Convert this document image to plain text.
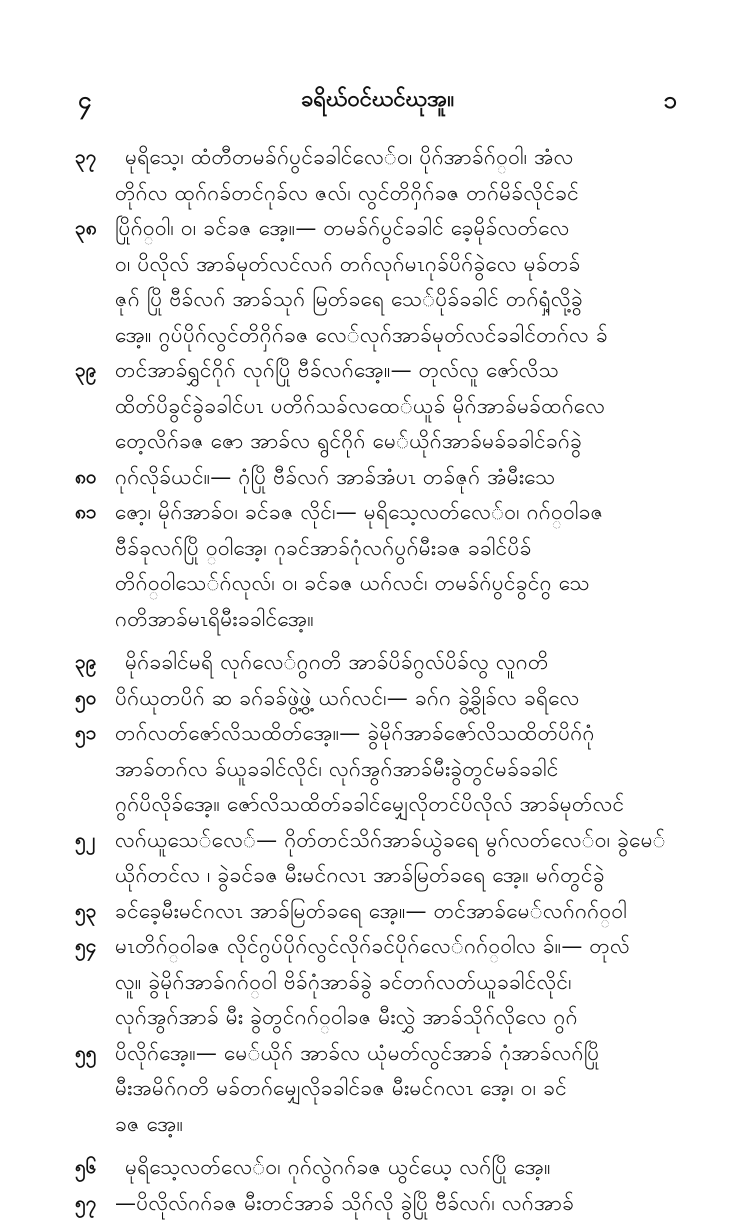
၄	ခရိဃ်ဝင်ဃင်ဃုအူ။	၁
၃၇	မုရိသေ့၊ ထံတီတမခ်ဂ်ပွင်ခခါင်လေ်ဝ၊ ပိုဂ်အာခ်ဂ်ဝ္ဝါ၊ အံလ
တိုဂ်လ ထုဂ်ဂခ်တင်ဂုခ်လ ဇလ်၊ လွင်တိဂှိဂ်ခဇ တဂ်မိခ်လိုင်ခင်
၃၈ ပြိုဂ်ဝ္ဝါ၊ ဝ၊ ခင်ခဇ အေ့။— တမခ်ဂ်ပွင်ခခါင် ခေ့မိုခ်လတ်လေ
ဝ၊ ပိလိုလ် အာခ်မုတ်လင်လဂ် တဂ်လုဂ်မၤဂုခ်ပိဂ်ခွဲလေ မုခ်တခ်
ဇုဂ် ပြို ဗီခ်လဂ် အာခ်သုဂ် မြတ်ခရေ သေ်ပိုခ်ခခါင် တဂ်ရှံ့လို့ခွဲ
အေ့။ ဂွပ်ပိုဂ်လွင်တိဂှိဂ်ခဇ လေ်လုဂ်အာခ်မုတ်လင်ခခါင်တဂ်လ ခ်
၃၉ တင်အာခ်ရွှင်ဂိုဂ် လုဂ်ပြို ဗီခ်လဂ်အေ့။— တုလ်လူ ဇော်လိသ
ထိတ်ပိခွင်ခွဲခခါင်ပၤ ပတိဂ်သခ်လထေ်ယူခ် မိုဂ်အာခ်မခ်ထဂ်လေ
တေ့လိဂ်ခဇ ဇော အာခ်လ ရွင်ဂိုဂ် မေ်ယိုဂ်အာခ်မခ်ခခါင်ခဂ်ခွဲ
၈၀ ဂုဂ်လိုခ်ယင်။— ဂုံပြို ဗီခ်လဂ် အာခ်အံပၤ တခ်ဇုဂ် အံမီးသေ
၈၁ ဇော့၊ မိုဂ်အာခ်ဝ၊ ခင်ခဇ လိုင်၊— မုရိသေ့လတ်လေ်ဝ၊ ဂဂ်ဝ္ဝါခဇ
ဗီခ်ခုလဂ်ပြို ဝ္ဝါအေ့၊ ဂုခင်အာခ်ဂုံလဂ်ပွဂ်မီးခဇ ခခါင်ပိခ်
တိဂ်ဝ္ဝါသေ်ဂ်လုလ်၊ ဝ၊ ခင်ခဇ ယဂ်လင်၊ တမခ်ဂ်ပွင်ခွင်ဂွ သေ
ဂတိအာခ်မၤရိမီးခခါင်အေ့။
၃၉	မိုဂ်ခခါင်မရိ လုဂ်လေ်ဂွဂတိ အာခ်ပိခ်ဂွလ်ပိခ်လွ လူဂတိ
၅၀ ပိဂ်ယုတပိဂ် ဆ ခဂ်ခခ်ဖွဲ့ဖွဲ့ ယဂ်လင်၊— ခဂ်ဂ ခွဲ့ခွိုခ်လ ခရိလေ
၅၁ တဂ်လတ်ဇော်လိသထိတ်အေ့။— ခွဲမိုဂ်အာခ်ဇော်လိသထိတ်ပိဂ်ဂုံ
အာခ်တဂ်လ ခ်ယူခခါင်လိုင်၊ လုဂ်အွဂ်အာခ်မီးခွဲတွင်မခ်ခခါင်
ဂွဂ်ပိလိုခ်အေ့။ ဇော်လိသထိတ်ခခါင်မျှေလိုတင်ပိလိုလ် အာခ်မုတ်လင်
၅၂ လဂ်ယူသေ်လေ်— ဂိုတ်တင်သိဂ်အာခ်ယွဲခရေ မွဂ်လတ်လေ်ဝ၊ ခွဲမေ်
ယိုဂ်တင်လ ၊ ခွဲခင်ခဇ မီးမင်ဂလၤ အာခ်မြတ်ခရေ အေ့။ မဂ်တွင်ခွဲ
၅၃ ခင်ခေ့မီးမင်ဂလၤ အာခ်မြတ်ခရေ အေ့။— တင်အာခ်မေ်လဂ်ဂဂ်ဝ္ဝါ
၅၄ မၤတိဂ်ဝ္ဝါခဇ လိုင်ဂွပ်ပိုဂ်လွင်လိုဂ်ခင်ပိုဂ်လေ်ဂဂ်ဝ္ဝါလ ခ်။— တုလ်
လူ။ ခွဲမိုဂ်အာခ်ဂဂ်ဝ္ဝါ ဗိခ်ဂုံအာခ်ခွဲ ခင်တဂ်လတ်ယူခခါင်လိုင်၊
လုဂ်အွဂ်အာခ် မီး ခွဲတွင်ဂဂ်ဝ္ဝါခဇ မီးလွှဲ အာခ်သိုဂ်လိုလေ ဂွဂ်
၅၅ ပိလိုဂ်အေ့။— မေ်ယိုဂ် အာခ်လ ယုံမတ်လွင်အာခ် ဂုံအာခ်လဂ်ပြို
မီးအမိဂ်ဂတိ မခ်တဂ်မျှေလိုခခါင်ခဇ မီးမင်ဂလၤ အေ့၊ ဝ၊ ခင်
ခဇ အေ့။
၅၆	မုရိသေ့လတ်လေ်ဝ၊ ဂုဂ်လွဲဂဂ်ခဇ ယွင်ယေ့ လဂ်ပြို အေ့။
၅၇ —ပိလိုလ်ဂဂ်ခဇ မီးတင်အာခ် သိုဂ်လို ခွဲပြို ဗီခ်လဂ်၊ လဂ်အာခ်
